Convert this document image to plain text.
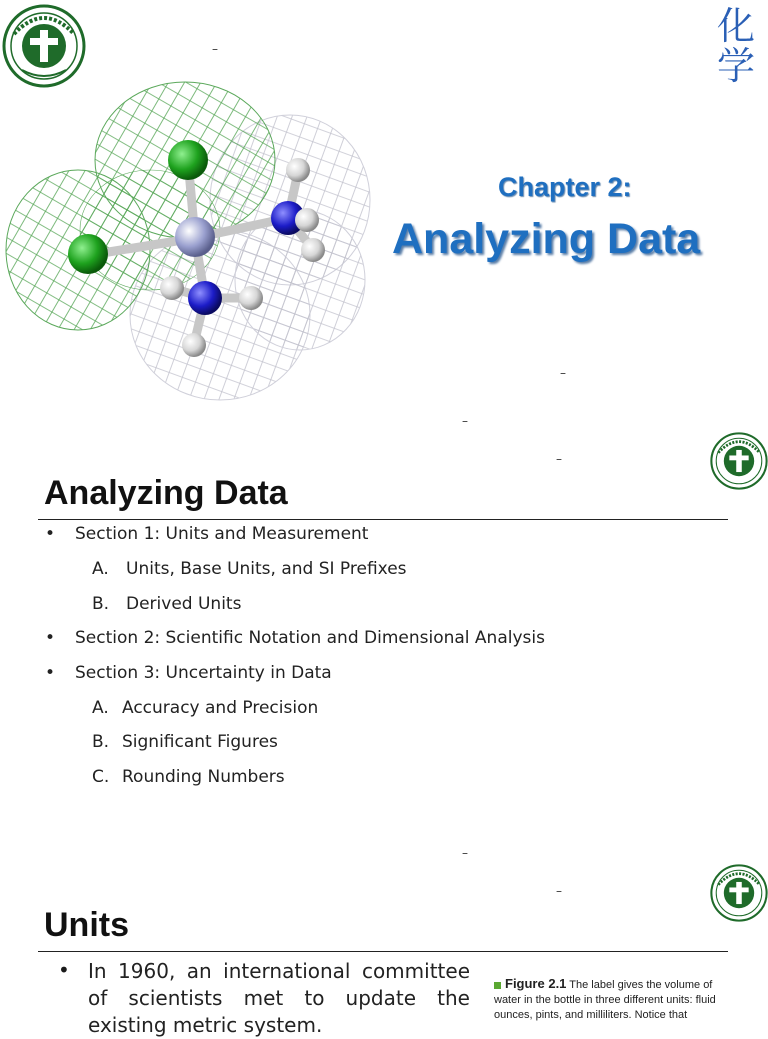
–
化
学
Chapter 2:
Analyzing Data
–
–
–
Analyzing Data
• Section 1: Units and Measurement
A. Units, Base Units, and SI Prefixes
B. Derived Units
• Section 2: Scientific Notation and Dimensional Analysis
• Section 3: Uncertainty in Data
A. Accuracy and Precision
B. Significant Figures
C. Rounding Numbers
–
–
Units
• In 1960, an international committee of scientists met to update the existing metric system.
Figure 2.1 The label gives the volume of water in the bottle in three different units: fluid ounces, pints, and milliliters. Notice that
